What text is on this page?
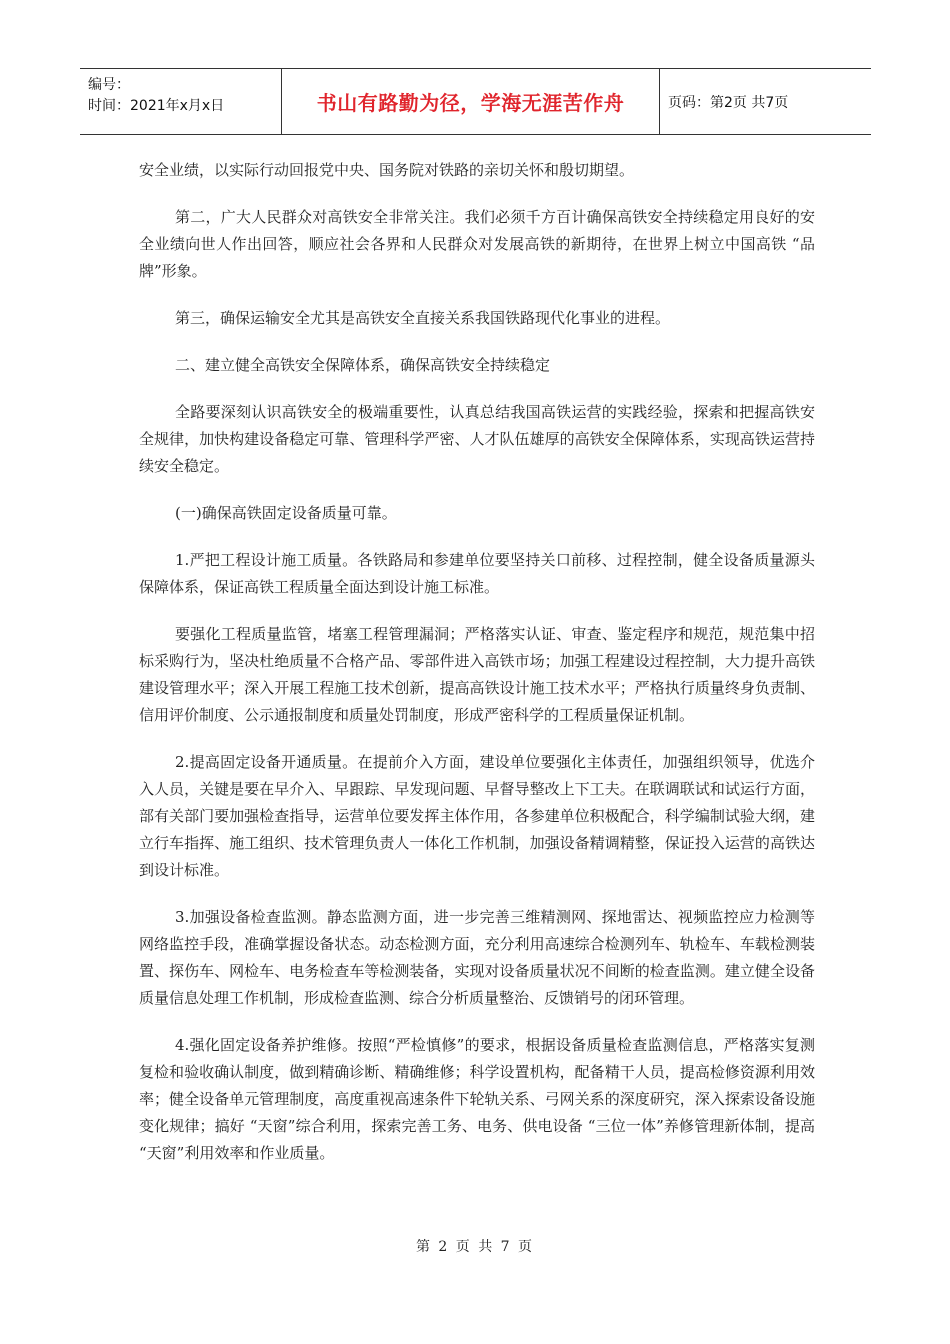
编号：
时间：2021年x月x日	书山有路勤为径，学海无涯苦作舟	页码：第2页 共7页

安全业绩，以实际行动回报党中央、国务院对铁路的亲切关怀和殷切期望。

第二，广大人民群众对高铁安全非常关注。我们必须千方百计确保高铁安全持续稳定用良好的安全业绩向世人作出回答，顺应社会各界和人民群众对发展高铁的新期待，在世界上树立中国高铁 “品牌”形象。

第三，确保运输安全尤其是高铁安全直接关系我国铁路现代化事业的进程。

二、建立健全高铁安全保障体系，确保高铁安全持续稳定

全路要深刻认识高铁安全的极端重要性，认真总结我国高铁运营的实践经验，探索和把握高铁安全规律，加快构建设备稳定可靠、管理科学严密、人才队伍雄厚的高铁安全保障体系，实现高铁运营持续安全稳定。

(一)确保高铁固定设备质量可靠。

1.严把工程设计施工质量。各铁路局和参建单位要坚持关口前移、过程控制，健全设备质量源头保障体系，保证高铁工程质量全面达到设计施工标准。

要强化工程质量监管，堵塞工程管理漏洞；严格落实认证、审查、鉴定程序和规范，规范集中招标采购行为，坚决杜绝质量不合格产品、零部件进入高铁市场；加强工程建设过程控制，大力提升高铁建设管理水平；深入开展工程施工技术创新，提高高铁设计施工技术水平；严格执行质量终身负责制、信用评价制度、公示通报制度和质量处罚制度，形成严密科学的工程质量保证机制。

2.提高固定设备开通质量。在提前介入方面，建设单位要强化主体责任，加强组织领导，优选介入人员，关键是要在早介入、早跟踪、早发现问题、早督导整改上下工夫。在联调联试和试运行方面，部有关部门要加强检查指导，运营单位要发挥主体作用，各参建单位积极配合，科学编制试验大纲，建立行车指挥、施工组织、技术管理负责人一体化工作机制，加强设备精调精整，保证投入运营的高铁达到设计标准。

3.加强设备检查监测。静态监测方面，进一步完善三维精测网、探地雷达、视频监控应力检测等网络监控手段，准确掌握设备状态。动态检测方面，充分利用高速综合检测列车、轨检车、车载检测装置、探伤车、网检车、电务检查车等检测装备，实现对设备质量状况不间断的检查监测。建立健全设备质量信息处理工作机制，形成检查监测、综合分析质量整治、反馈销号的闭环管理。

4.强化固定设备养护维修。按照“严检慎修”的要求，根据设备质量检查监测信息，严格落实复测复检和验收确认制度，做到精确诊断、精确维修；科学设置机构，配备精干人员，提高检修资源利用效率；健全设备单元管理制度，高度重视高速条件下轮轨关系、弓网关系的深度研究，深入探索设备设施变化规律；搞好 “天窗”综合利用，探索完善工务、电务、供电设备 “三位一体”养修管理新体制，提高 “天窗”利用效率和作业质量。

第 2 页 共 7 页
